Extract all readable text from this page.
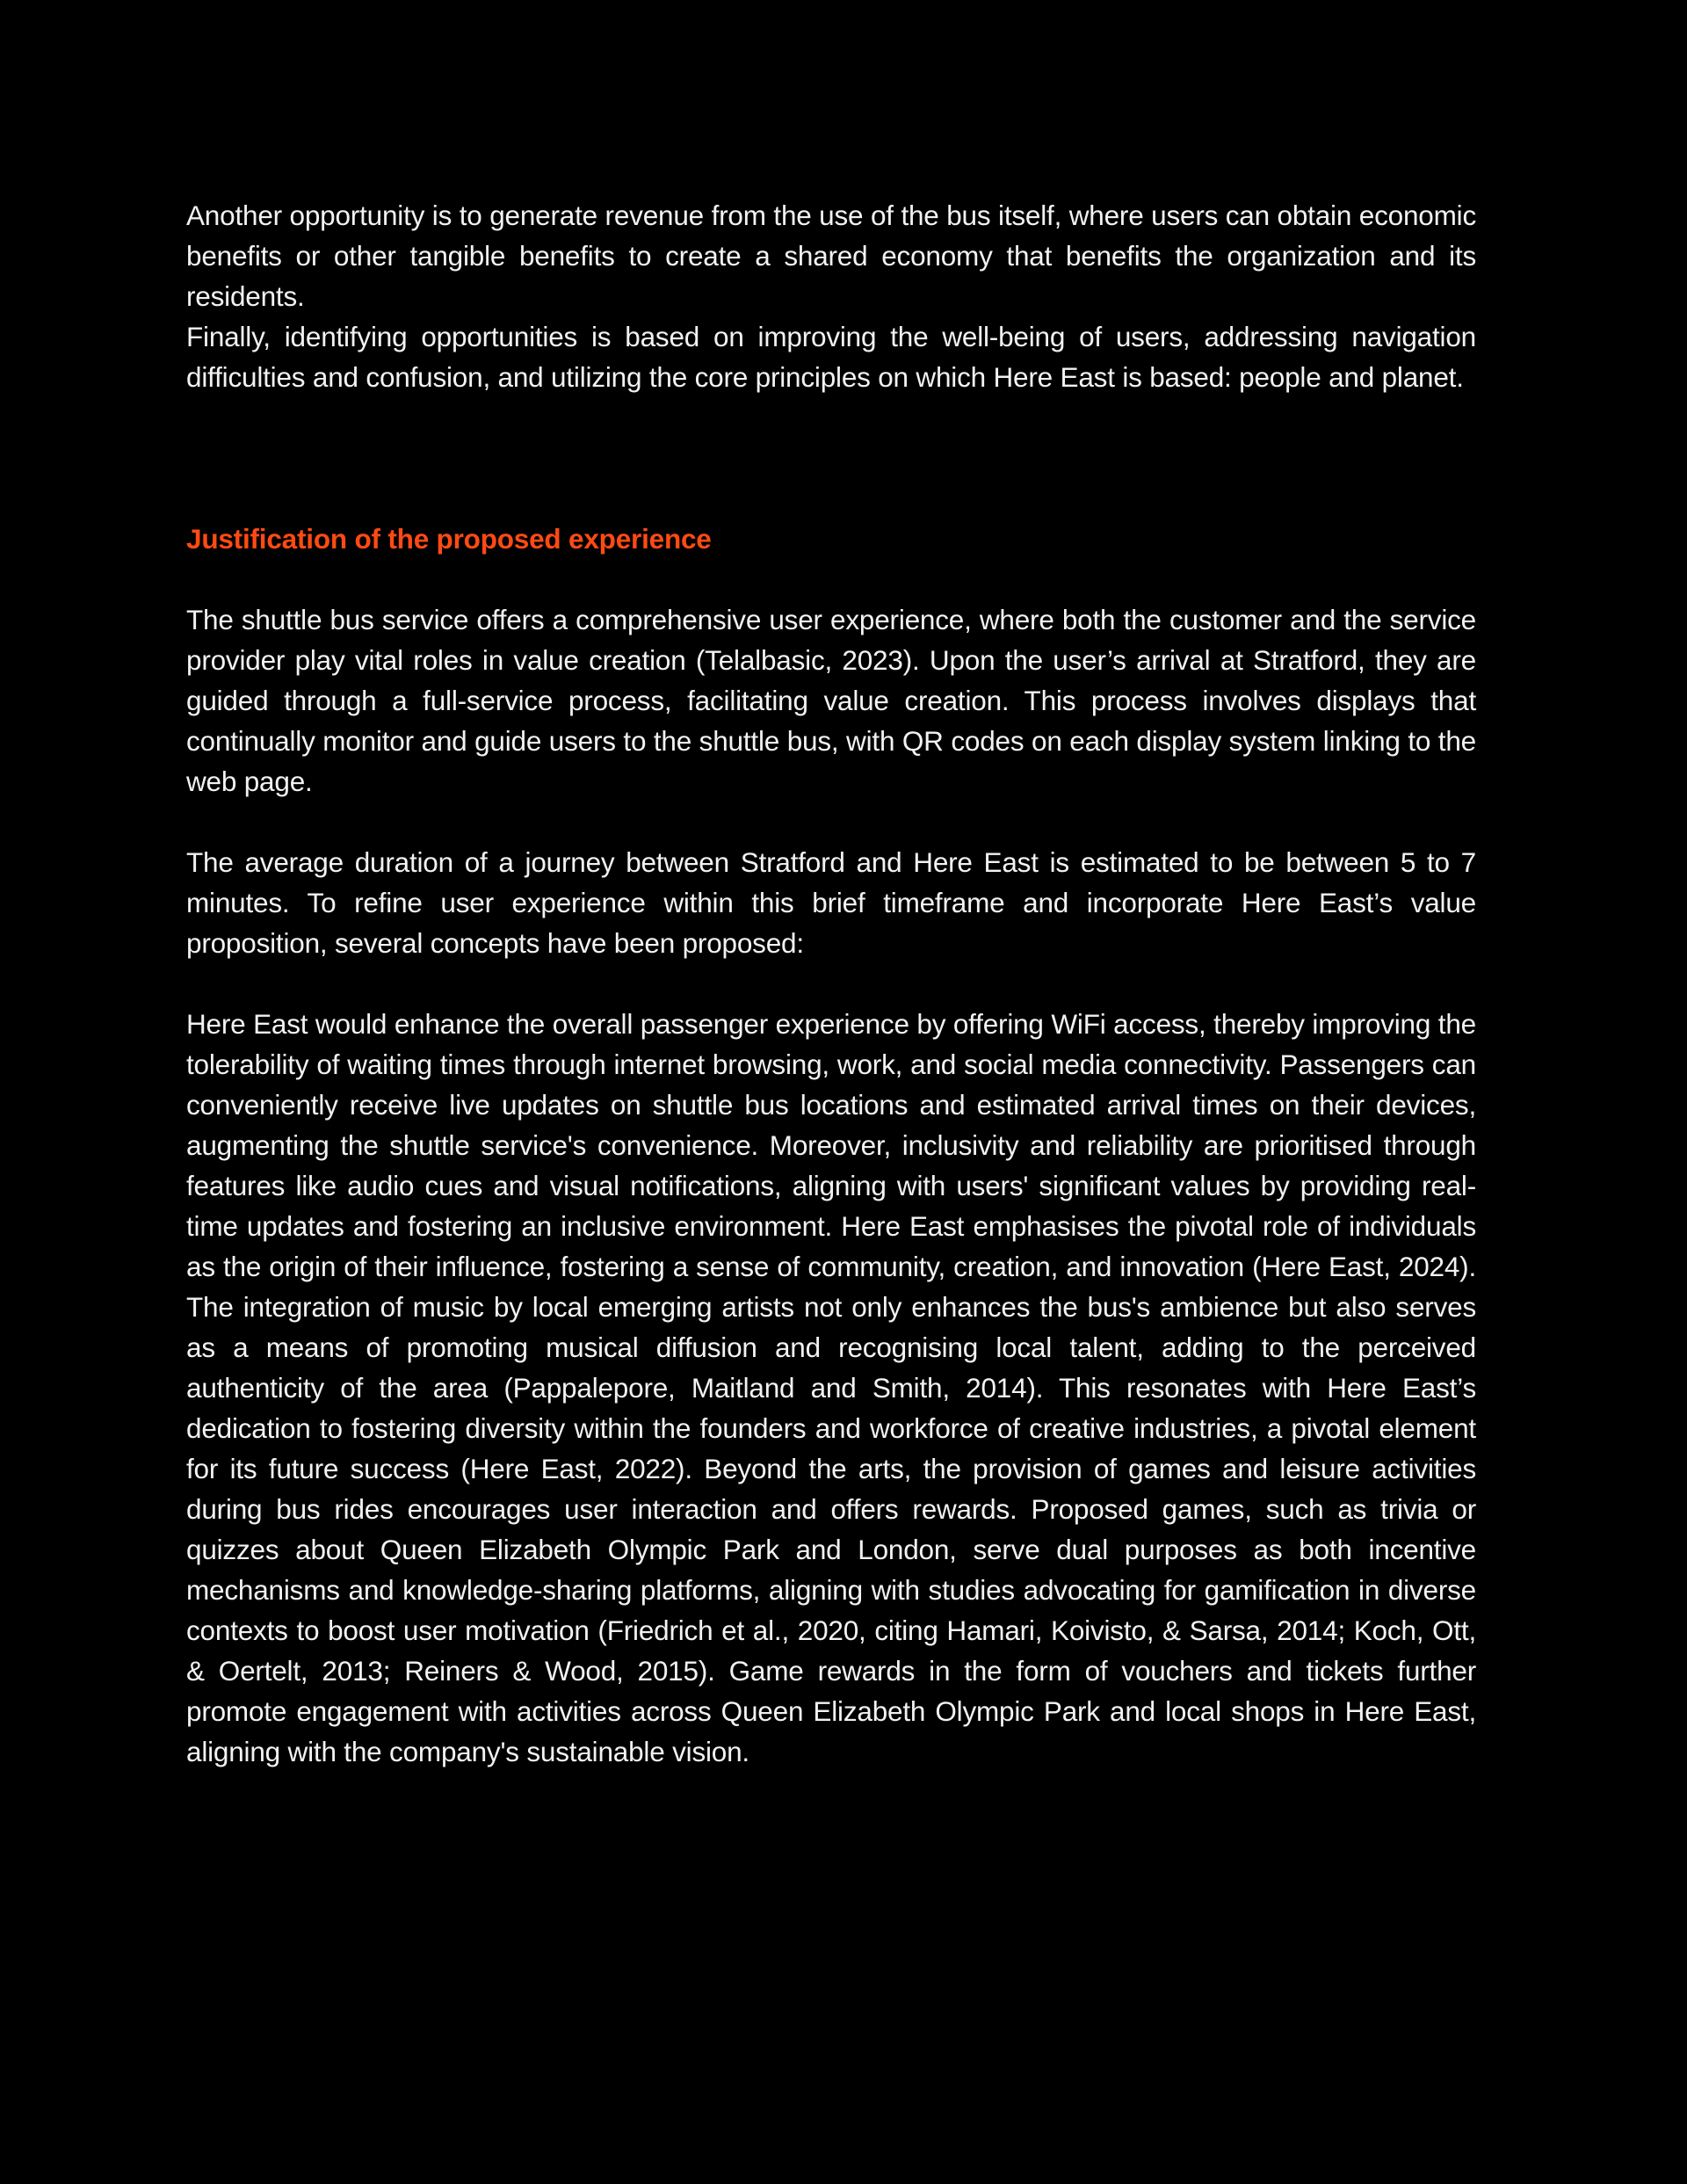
Another opportunity is to generate revenue from the use of the bus itself, where users can obtain economic benefits or other tangible benefits to create a shared economy that benefits the organization and its residents.

Finally, identifying opportunities is based on improving the well-being of users, addressing navigation difficulties and confusion, and utilizing the core principles on which Here East is based: people and planet.

Justification of the proposed experience

The shuttle bus service offers a comprehensive user experience, where both the customer and the service provider play vital roles in value creation (Telalbasic, 2023). Upon the user’s arrival at Stratford, they are guided through a full-service process, facilitating value creation. This process involves displays that continually monitor and guide users to the shuttle bus, with QR codes on each display system linking to the web page.

The average duration of a journey between Stratford and Here East is estimated to be between 5 to 7 minutes. To refine user experience within this brief timeframe and incorporate Here East’s value proposition, several concepts have been proposed:

Here East would enhance the overall passenger experience by offering WiFi access, thereby improving the tolerability of waiting times through internet browsing, work, and social media connectivity. Passengers can conveniently receive live updates on shuttle bus locations and estimated arrival times on their devices, augmenting the shuttle service's convenience. Moreover, inclusivity and reliability are prioritised through features like audio cues and visual notifications, aligning with users' significant values by providing real-time updates and fostering an inclusive environment. Here East emphasises the pivotal role of individuals as the origin of their influence, fostering a sense of community, creation, and innovation (Here East, 2024). The integration of music by local emerging artists not only enhances the bus's ambience but also serves as a means of promoting musical diffusion and recognising local talent, adding to the perceived authenticity of the area (Pappalepore, Maitland and Smith, 2014). This resonates with Here East’s dedication to fostering diversity within the founders and workforce of creative industries, a pivotal element for its future success (Here East, 2022). Beyond the arts, the provision of games and leisure activities during bus rides encourages user interaction and offers rewards. Proposed games, such as trivia or quizzes about Queen Elizabeth Olympic Park and London, serve dual purposes as both incentive mechanisms and knowledge-sharing platforms, aligning with studies advocating for gamification in diverse contexts to boost user motivation (Friedrich et al., 2020, citing Hamari, Koivisto, & Sarsa, 2014; Koch, Ott, & Oertelt, 2013; Reiners & Wood, 2015). Game rewards in the form of vouchers and tickets further promote engagement with activities across Queen Elizabeth Olympic Park and local shops in Here East, aligning with the company's sustainable vision.
